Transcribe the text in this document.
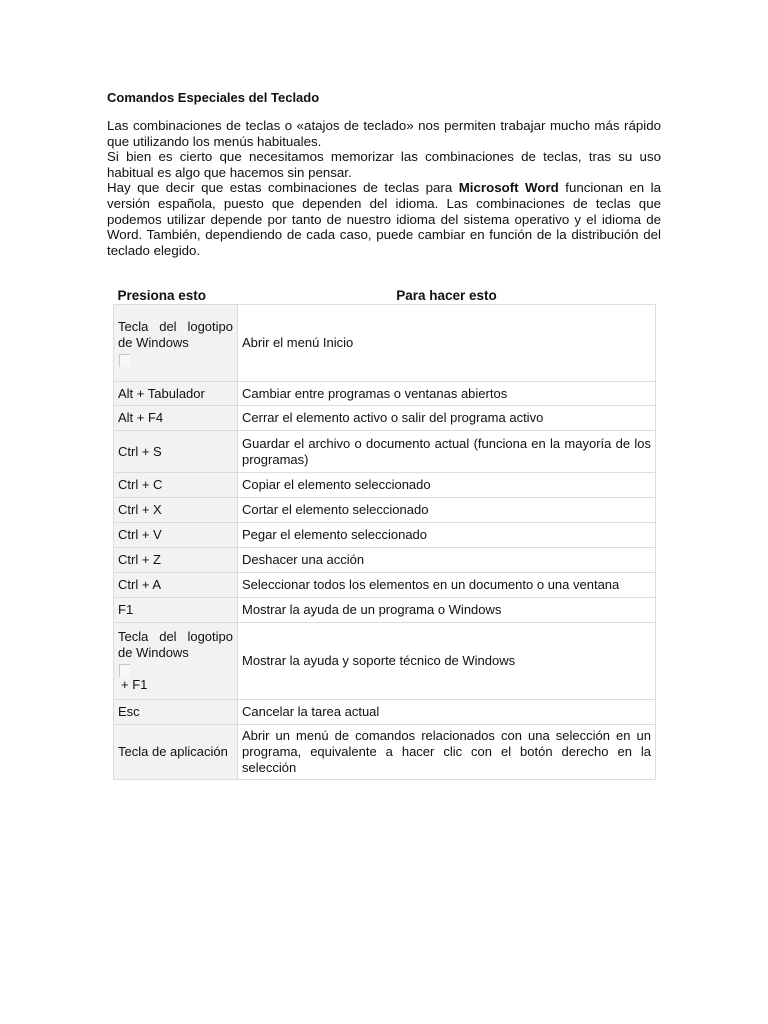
Comandos Especiales del Teclado

Las combinaciones de teclas o «atajos de teclado» nos permiten trabajar mucho más rápido que utilizando los menús habituales.

Si bien es cierto que necesitamos memorizar las combinaciones de teclas, tras su uso habitual es algo que hacemos sin pensar.

Hay que decir que estas combinaciones de teclas para Microsoft Word funcionan en la versión española, puesto que dependen del idioma. Las combinaciones de teclas que podemos utilizar depende por tanto de nuestro idioma del sistema operativo y el idioma de Word. También, dependiendo de cada caso, puede cambiar en función de la distribución del teclado elegido.

Presiona esto	Para hacer esto

Tecla del logotipo de Windows	Abrir el menú Inicio
Alt + Tabulador	Cambiar entre programas o ventanas abiertos
Alt + F4	Cerrar el elemento activo o salir del programa activo
Ctrl + S	Guardar el archivo o documento actual (funciona en la mayoría de los programas)
Ctrl + C	Copiar el elemento seleccionado
Ctrl + X	Cortar el elemento seleccionado
Ctrl + V	Pegar el elemento seleccionado
Ctrl + Z	Deshacer una acción
Ctrl + A	Seleccionar todos los elementos en un documento o una ventana
F1	Mostrar la ayuda de un programa o Windows

Tecla del logotipo de Windows
+ F1	Mostrar la ayuda y soporte técnico de Windows
Esc	Cancelar la tarea actual
Tecla de aplicación	Abrir un menú de comandos relacionados con una selección en un programa, equivalente a hacer clic con el botón derecho en la selección
